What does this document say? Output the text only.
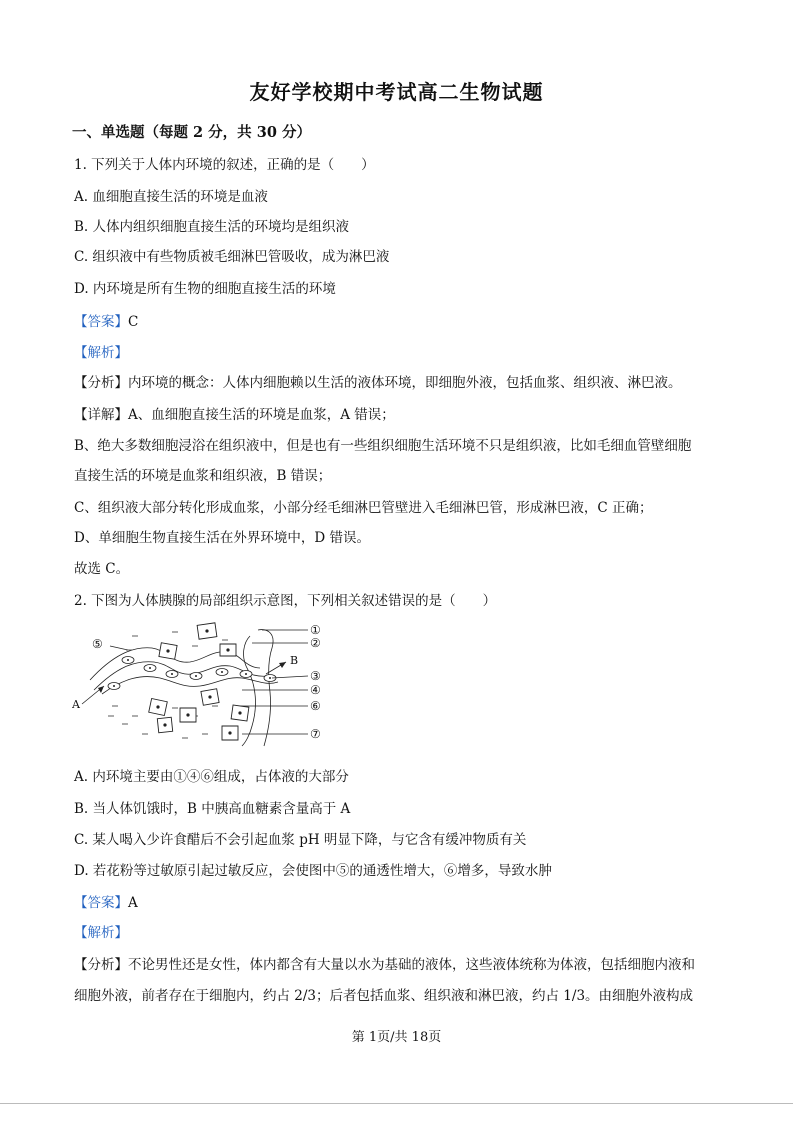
友好学校期中考试高二生物试题
一、单选题（每题 2 分，共 30 分）
1. 下列关于人体内环境的叙述，正确的是（　　）
A. 血细胞直接生活的环境是血液
B. 人体内组织细胞直接生活的环境均是组织液
C. 组织液中有些物质被毛细淋巴管吸收，成为淋巴液
D. 内环境是所有生物的细胞直接生活的环境
【答案】C
【解析】
【分析】内环境的概念：人体内细胞赖以生活的液体环境，即细胞外液，包括血浆、组织液、淋巴液。
【详解】A、血细胞直接生活的环境是血浆，A 错误；
B、绝大多数细胞浸浴在组织液中，但是也有一些组织细胞生活环境不只是组织液，比如毛细血管壁细胞
直接生活的环境是血浆和组织液，B 错误；
C、组织液大部分转化形成血浆，小部分经毛细淋巴管壁进入毛细淋巴管，形成淋巴液，C 正确；
D、单细胞生物直接生活在外界环境中，D 错误。
故选 C。
2. 下图为人体胰腺的局部组织示意图，下列相关叙述错误的是（　　）
①
②
③
④
⑥
⑦
⑤
A
B
A. 内环境主要由①④⑥组成，占体液的大部分
B. 当人体饥饿时，B 中胰高血糖素含量高于 A
C. 某人喝入少许食醋后不会引起血浆 pH 明显下降，与它含有缓冲物质有关
D. 若花粉等过敏原引起过敏反应，会使图中⑤的通透性增大，⑥增多，导致水肿
【答案】A
【解析】
【分析】不论男性还是女性，体内都含有大量以水为基础的液体，这些液体统称为体液，包括细胞内液和
细胞外液，前者存在于细胞内，约占 2/3；后者包括血浆、组织液和淋巴液，约占 1/3。由细胞外液构成
第 1页/共 18页
